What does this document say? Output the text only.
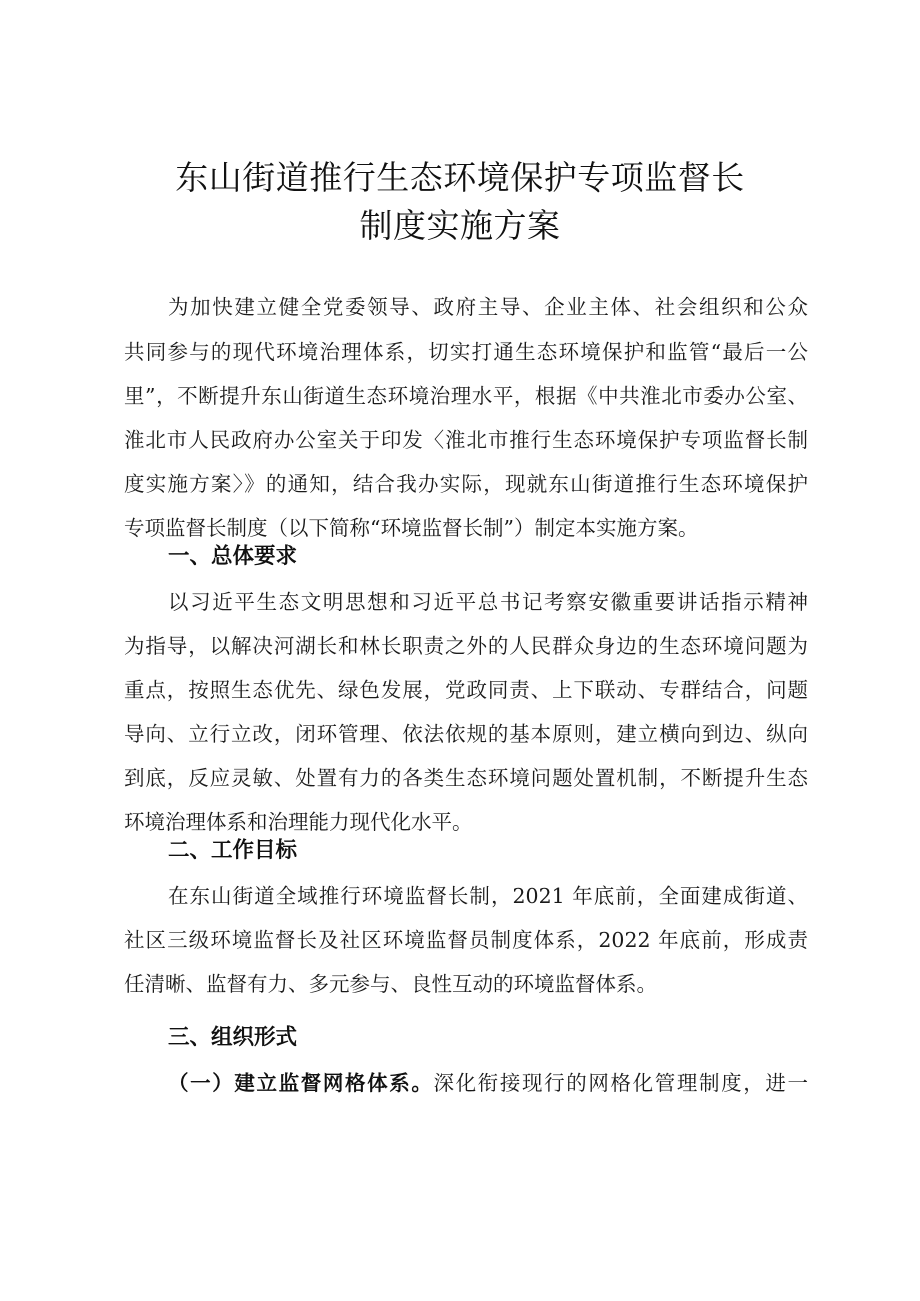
东山街道推行生态环境保护专项监督长
制度实施方案
为加快建立健全党委领导、政府主导、企业主体、社会组织和公众
共同参与的现代环境治理体系，切实打通生态环境保护和监管“最后一公
里”，不断提升东山街道生态环境治理水平，根据《中共淮北市委办公室、
淮北市人民政府办公室关于印发〈淮北市推行生态环境保护专项监督长制
度实施方案〉》的通知，结合我办实际，现就东山街道推行生态环境保护
专项监督长制度（以下简称“环境监督长制”）制定本实施方案。
一、总体要求
以习近平生态文明思想和习近平总书记考察安徽重要讲话指示精神
为指导，以解决河湖长和林长职责之外的人民群众身边的生态环境问题为
重点，按照生态优先、绿色发展，党政同责、上下联动、专群结合，问题
导向、立行立改，闭环管理、依法依规的基本原则，建立横向到边、纵向
到底，反应灵敏、处置有力的各类生态环境问题处置机制，不断提升生态
环境治理体系和治理能力现代化水平。
二、工作目标
在东山街道全域推行环境监督长制，2021 年底前，全面建成街道、
社区三级环境监督长及社区环境监督员制度体系，2022 年底前，形成责
任清晰、监督有力、多元参与、良性互动的环境监督体系。
三、组织形式
（一）建立监督网格体系。深化衔接现行的网格化管理制度，进一
